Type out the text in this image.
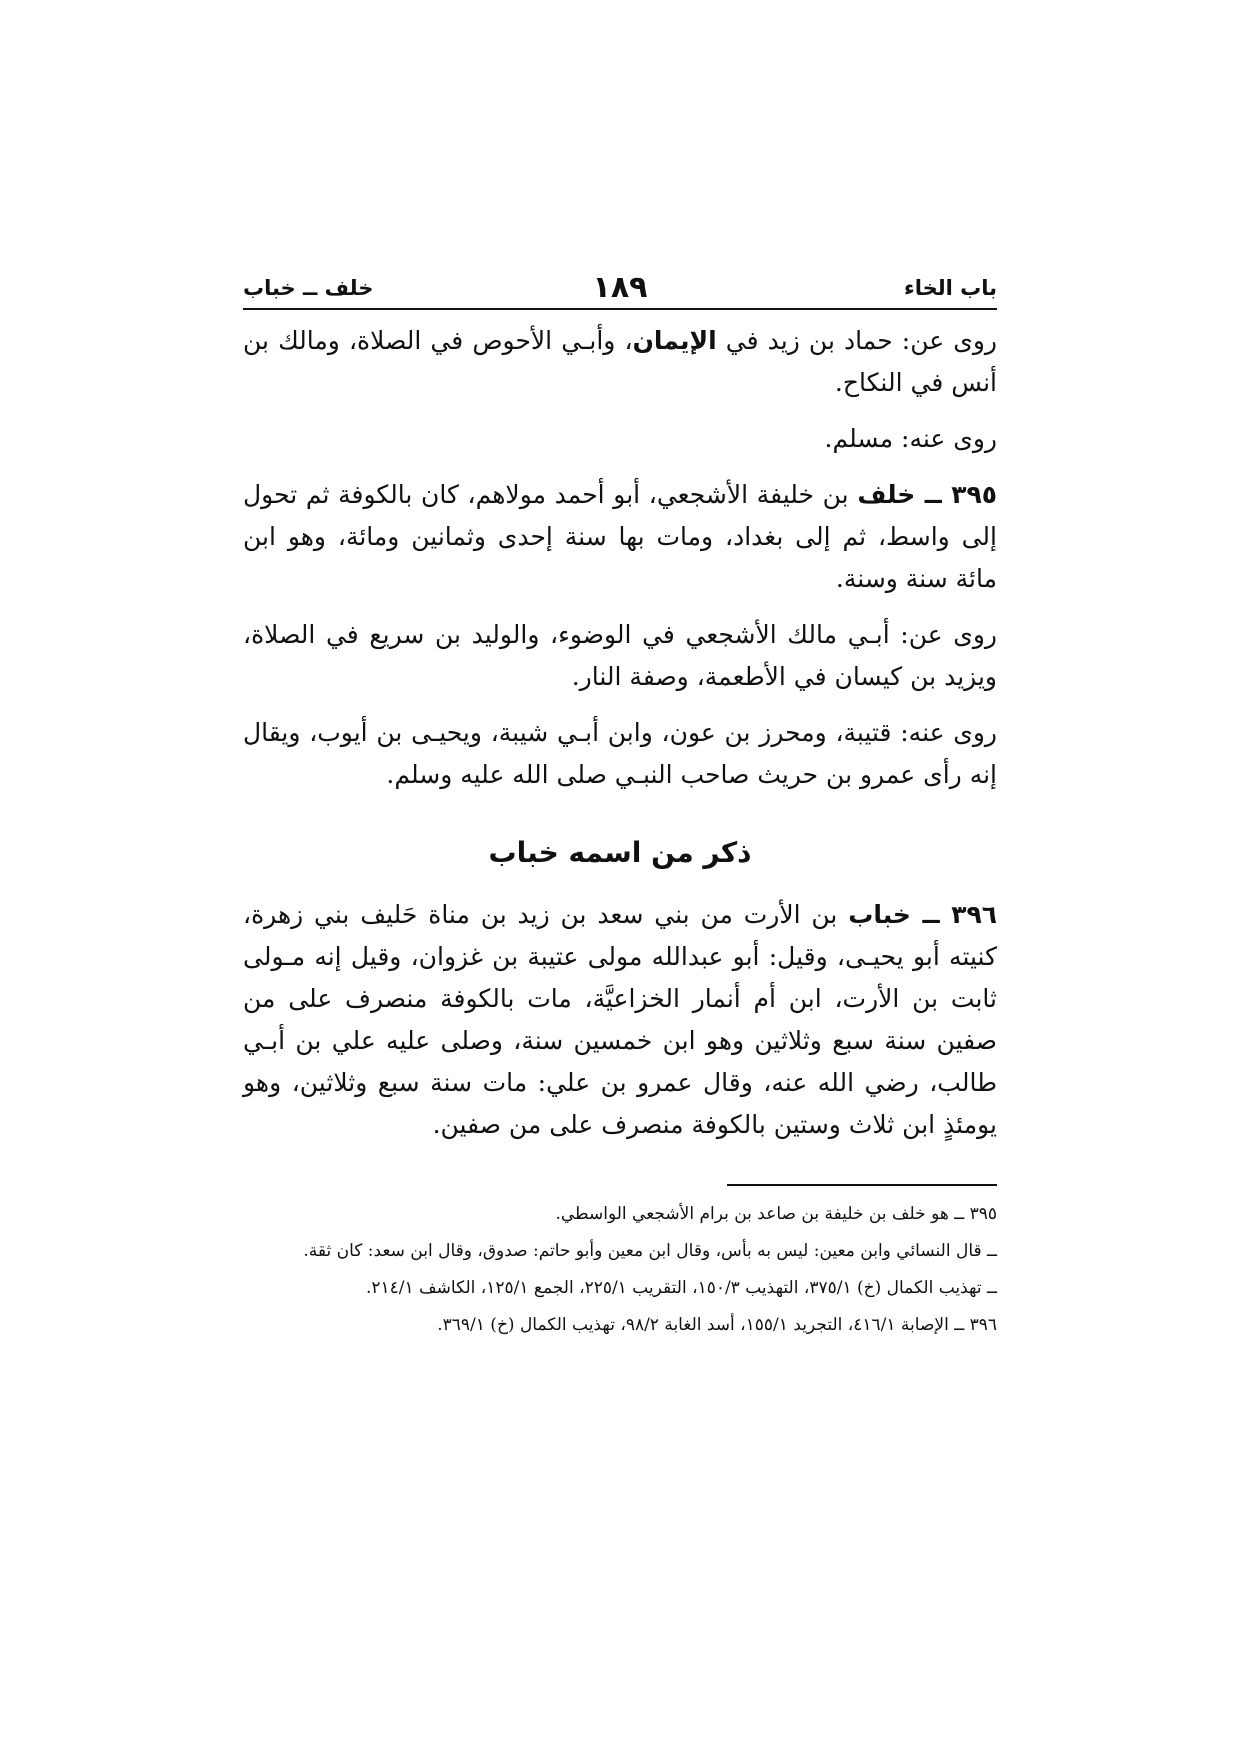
باب الخاء
١٨٩
خلف ــ خباب

روى عن: حماد بن زيد في الإيمان، وأبـي الأحوص في الصلاة، ومالك بن أنس في النكاح.

روى عنه: مسلم.

٣٩٥ ــ خلف بن خليفة الأشجعي، أبو أحمد مولاهم، كان بالكوفة ثم تحول إلى واسط، ثم إلى بغداد، ومات بها سنة إحدى وثمانين ومائة، وهو ابن مائة سنة وسنة.

روى عن: أبـي مالك الأشجعي في الوضوء، والوليد بن سريع في الصلاة، ويزيد بن كيسان في الأطعمة، وصفة النار.

روى عنه: قتيبة، ومحرز بن عون، وابن أبـي شيبة، ويحيـى بن أيوب، ويقال إنه رأى عمرو بن حريث صاحب النبـي صلى الله عليه وسلم.

ذكر من اسمه خباب

٣٩٦ ــ خباب بن الأرت من بني سعد بن زيد بن مناة حَليف بني زهرة، كنيته أبو يحيـى، وقيل: أبو عبدالله مولى عتيبة بن غزوان، وقيل إنه مـولى ثابت بن الأرت، ابن أم أنمار الخزاعيَّة، مات بالكوفة منصرف على من صفين سنة سبع وثلاثين وهو ابن خمسين سنة، وصلى عليه علي بن أبـي طالب، رضي الله عنه، وقال عمرو بن علي: مات سنة سبع وثلاثين، وهو يومئذٍ ابن ثلاث وستين بالكوفة منصرف على من صفين.

٣٩٥ ــ هو خلف بن خليفة بن صاعد بن برام الأشجعي الواسطي.

ــ قال النسائي وابن معين: ليس به بأس، وقال ابن معين وأبو حاتم: صدوق، وقال ابن سعد: كان ثقة.

ــ تهذيب الكمال (خ) ٣٧٥/١، التهذيب ١٥٠/٣، التقريب ٢٢٥/١، الجمع ١٢٥/١، الكاشف ٢١٤/١.

٣٩٦ ــ الإصابة ٤١٦/١، التجريد ١٥٥/١، أسد الغابة ٩٨/٢، تهذيب الكمال (خ) ٣٦٩/١.
